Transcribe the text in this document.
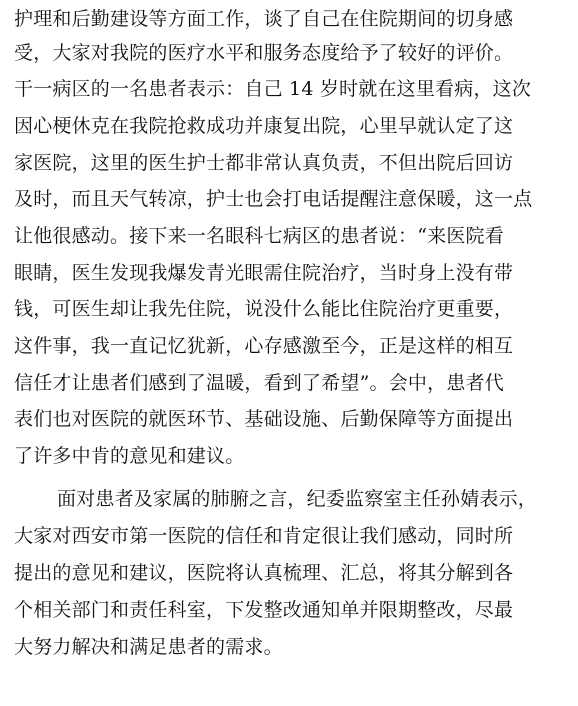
护理和后勤建设等方面工作，谈了自己在住院期间的切身感
受，大家对我院的医疗水平和服务态度给予了较好的评价。
干一病区的一名患者表示：自己 14 岁时就在这里看病，这次
因心梗休克在我院抢救成功并康复出院，心里早就认定了这
家医院，这里的医生护士都非常认真负责，不但出院后回访
及时，而且天气转凉，护士也会打电话提醒注意保暖，这一点
让他很感动。接下来一名眼科七病区的患者说：“来医院看
眼睛，医生发现我爆发青光眼需住院治疗，当时身上没有带
钱，可医生却让我先住院，说没什么能比住院治疗更重要，
这件事，我一直记忆犹新，心存感激至今，正是这样的相互
信任才让患者们感到了温暖，看到了希望”。会中，患者代
表们也对医院的就医环节、基础设施、后勤保障等方面提出
了许多中肯的意见和建议。
面对患者及家属的肺腑之言，纪委监察室主任孙婧表示，
大家对西安市第一医院的信任和肯定很让我们感动，同时所
提出的意见和建议，医院将认真梳理、汇总，将其分解到各
个相关部门和责任科室，下发整改通知单并限期整改，尽最
大努力解决和满足患者的需求。
